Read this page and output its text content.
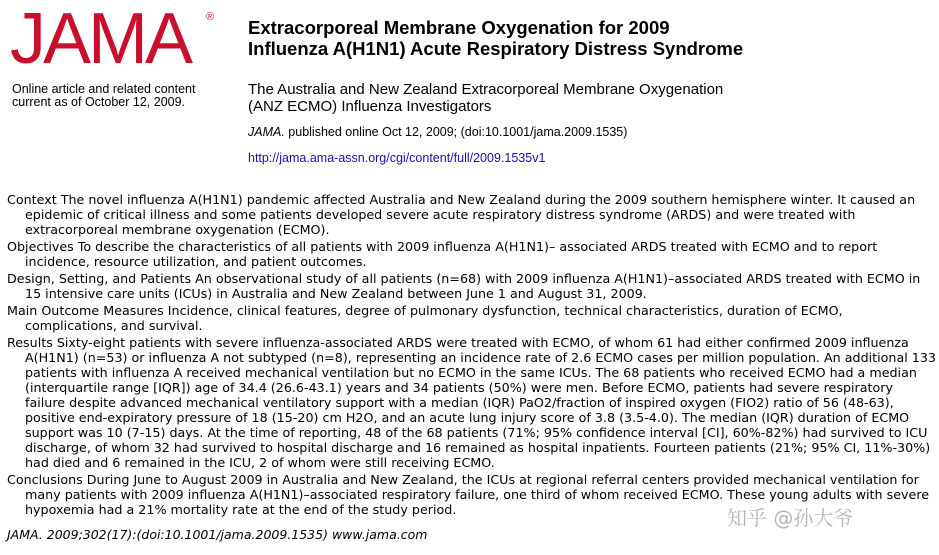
JAMA ®
Online article and related content
current as of October 12, 2009.
Extracorporeal Membrane Oxygenation for 2009
Influenza A(H1N1) Acute Respiratory Distress Syndrome
The Australia and New Zealand Extracorporeal Membrane Oxygenation
(ANZ ECMO) Influenza Investigators
JAMA. published online Oct 12, 2009; (doi:10.1001/jama.2009.1535)
http://jama.ama-assn.org/cgi/content/full/2009.1535v1

Context The novel influenza A(H1N1) pandemic affected Australia and New Zealand during the 2009 southern hemisphere winter. It caused an epidemic of critical illness and some patients developed severe acute respiratory distress syndrome (ARDS) and were treated with extracorporeal membrane oxygenation (ECMO).

Objectives To describe the characteristics of all patients with 2009 influenza A(H1N1)– associated ARDS treated with ECMO and to report incidence, resource utilization, and patient outcomes.

Design, Setting, and Patients An observational study of all patients (n=68) with 2009 influenza A(H1N1)–associated ARDS treated with ECMO in 15 intensive care units (ICUs) in Australia and New Zealand between June 1 and August 31, 2009.

Main Outcome Measures Incidence, clinical features, degree of pulmonary dysfunction, technical characteristics, duration of ECMO, complications, and survival.

Results Sixty-eight patients with severe influenza-associated ARDS were treated with ECMO, of whom 61 had either confirmed 2009 influenza A(H1N1) (n=53) or influenza A not subtyped (n=8), representing an incidence rate of 2.6 ECMO cases per million population. An additional 133 patients with influenza A received mechanical ventilation but no ECMO in the same ICUs. The 68 patients who received ECMO had a median (interquartile range [IQR]) age of 34.4 (26.6-43.1) years and 34 patients (50%) were men. Before ECMO, patients had severe respiratory failure despite advanced mechanical ventilatory support with a median (IQR) PaO2/fraction of inspired oxygen (FIO2) ratio of 56 (48-63), positive end-expiratory pressure of 18 (15-20) cm H2O, and an acute lung injury score of 3.8 (3.5-4.0). The median (IQR) duration of ECMO support was 10 (7-15) days. At the time of reporting, 48 of the 68 patients (71%; 95% confidence interval [CI], 60%-82%) had survived to ICU discharge, of whom 32 had survived to hospital discharge and 16 remained as hospital inpatients. Fourteen patients (21%; 95% CI, 11%-30%) had died and 6 remained in the ICU, 2 of whom were still receiving ECMO.

Conclusions During June to August 2009 in Australia and New Zealand, the ICUs at regional referral centers provided mechanical ventilation for many patients with 2009 influenza A(H1N1)–associated respiratory failure, one third of whom received ECMO. These young adults with severe hypoxemia had a 21% mortality rate at the end of the study period.

JAMA. 2009;302(17):(doi:10.1001/jama.2009.1535) www.jama.com
知乎 @孙大爷
